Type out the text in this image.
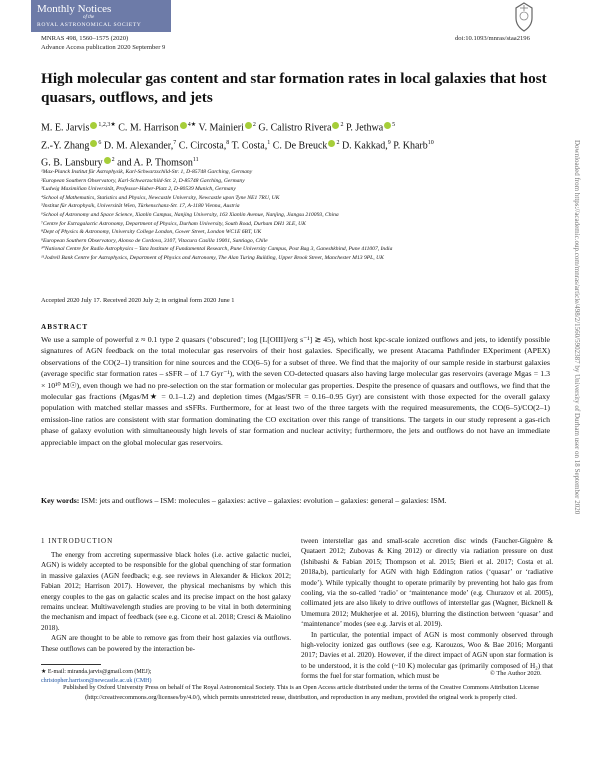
Monthly Notices
of the
ROYAL ASTRONOMICAL SOCIETY
MNRAS 498, 1560–1575 (2020)
Advance Access publication 2020 September 9
doi:10.1093/mnras/staa2196
High molecular gas content and star formation rates in local galaxies that host quasars, outflows, and jets
M. E. Jarvis $^{1,2,3★}$ C. M. Harrison $^{4★}$ V. Mainieri $^2$ G. Calistro Rivera $^2$ P. Jethwa $^5$
Z.-Y. Zhang $^6$ D. M. Alexander,$^7$ C. Circosta,$^8$ T. Costa,$^1$ C. De Breuck $^2$ D. Kakkad,$^9$ P. Kharb$^{10}$
G. B. Lansbury $^2$ and A. P. Thomson$^{11}$
¹Max-Planck Institut für Astrophysik, Karl-Schwarzschild-Str. 1, D-85748 Garching, Germany
²European Southern Observatory, Karl-Schwarzschild-Str. 2, D-85748 Garching, Germany
³Ludwig Maximilian Universität, Professor-Huber-Platz 2, D-80539 Munich, Germany
⁴School of Mathematics, Statistics and Physics, Newcastle University, Newcastle upon Tyne NE1 7RU, UK
⁵Institut für Astrophysik, Universität Wien, Türkenschanz-Str. 17, A-1180 Vienna, Austria
⁶School of Astronomy and Space Science, Xianlin Campus, Nanjing University, 163 Xianlin Avenue, Nanjing, Jiangsu 210093, China
⁷Centre for Extragalactic Astronomy, Department of Physics, Durham University, South Road, Durham DH1 3LE, UK
⁸Dept of Physics & Astronomy, University College London, Gower Street, London WC1E 6BT, UK
⁹European Southern Observatory, Alonso de Cordova, 3107, Vitacura Casilla 19001, Santiago, Chile
¹⁰National Centre for Radio Astrophysics – Tata Institute of Fundamental Research, Pune University Campus, Post Bag 3, Ganeshkhind, Pune 411007, India
¹¹Jodrell Bank Centre for Astrophysics, Department of Physics and Astronomy, The Alan Turing Building, Upper Brook Street, Manchester M13 9PL, UK
Accepted 2020 July 17. Received 2020 July 2; in original form 2020 June 1
ABSTRACT
We use a sample of powerful z ≈ 0.1 type 2 quasars (‘obscured’; log [L[OIII]/erg s⁻¹] ≳ 45), which host kpc-scale ionized outflows and jets, to identify possible signatures of AGN feedback on the total molecular gas reservoirs of their host galaxies. Specifically, we present Atacama Pathfinder EXperiment (APEX) observations of the CO(2–1) transition for nine sources and the CO(6–5) for a subset of three. We find that the majority of our sample reside in starburst galaxies (average specific star formation rates – sSFR – of 1.7 Gyr⁻¹), with the seven CO-detected quasars also having large molecular gas reservoirs (average Mgas = 1.3 × 10¹⁰ M☉), even though we had no pre-selection on the star formation or molecular gas properties. Despite the presence of quasars and outflows, we find that the molecular gas fractions (Mgas/M★ = 0.1–1.2) and depletion times (Mgas/SFR = 0.16–0.95 Gyr) are consistent with those expected for the overall galaxy population with matched stellar masses and sSFRs. Furthermore, for at least two of the three targets with the required measurements, the CO(6–5)/CO(2–1) emission-line ratios are consistent with star formation dominating the CO excitation over this range of transitions. The targets in our study represent a gas-rich phase of galaxy evolution with simultaneously high levels of star formation and nuclear activity; furthermore, the jets and outflows do not have an immediate appreciable impact on the global molecular gas reservoirs.
Key words: ISM: jets and outflows – ISM: molecules – galaxies: active – galaxies: evolution – galaxies: general – galaxies: ISM.
1 INTRODUCTION

The energy from accreting supermassive black holes (i.e. active galactic nuclei, AGN) is widely accepted to be responsible for the global quenching of star formation in massive galaxies (AGN feedback; e.g. see reviews in Alexander & Hickox 2012; Fabian 2012; Harrison 2017). However, the physical mechanisms by which this energy couples to the gas on galactic scales and its precise impact on the host galaxy remains unclear. Multiwavelength studies are proving to be vital in both determining the mechanism and impact of feedback (see e.g. Cicone et al. 2018; Cresci & Maiolino 2018).

AGN are thought to be able to remove gas from their host galaxies via outflows. These outflows can be powered by the interaction be-

tween interstellar gas and small-scale accretion disc winds (Faucher-Giguère & Quataert 2012; Zubovas & King 2012) or directly via radiation pressure on dust (Ishibashi & Fabian 2015; Thompson et al. 2015; Bieri et al. 2017; Costa et al. 2018a,b), particularly for AGN with high Eddington ratios (‘quasar’ or ‘radiative mode’). While typically thought to operate primarily by preventing hot halo gas from cooling, via the so-called ‘radio’ or ‘maintenance mode’ (e.g. Churazov et al. 2005), collimated jets are also likely to drive outflows of interstellar gas (Wagner, Bicknell & Umemura 2012; Mukherjee et al. 2016), blurring the distinction between ‘quasar’ and ‘maintenance’ modes (see e.g. Jarvis et al. 2019).

In particular, the potential impact of AGN is most commonly observed through high-velocity ionized gas outflows (see e.g. Karouzos, Woo & Bae 2016; Morganti 2017; Davies et al. 2020). However, if the direct impact of AGN upon star formation is to be understood, it is the cold (~10 K) molecular gas (primarily composed of H₂) that forms the fuel for star formation, which must be

★ E-mail: miranda.jarvis@gmail.com (MEJ);
christopher.harrison@newcastle.ac.uk (CMH)
© The Author 2020.
Published by Oxford University Press on behalf of The Royal Astronomical Society. This is an Open Access article distributed under the terms of the Creative Commons Attribution License (http://creativecommons.org/licenses/by/4.0/), which permits unrestricted reuse, distribution, and reproduction in any medium, provided the original work is properly cited.
Downloaded from https://academic.oup.com/mnras/article/498/2/1560/5902387 by University of Durham user on 18 September 2020
